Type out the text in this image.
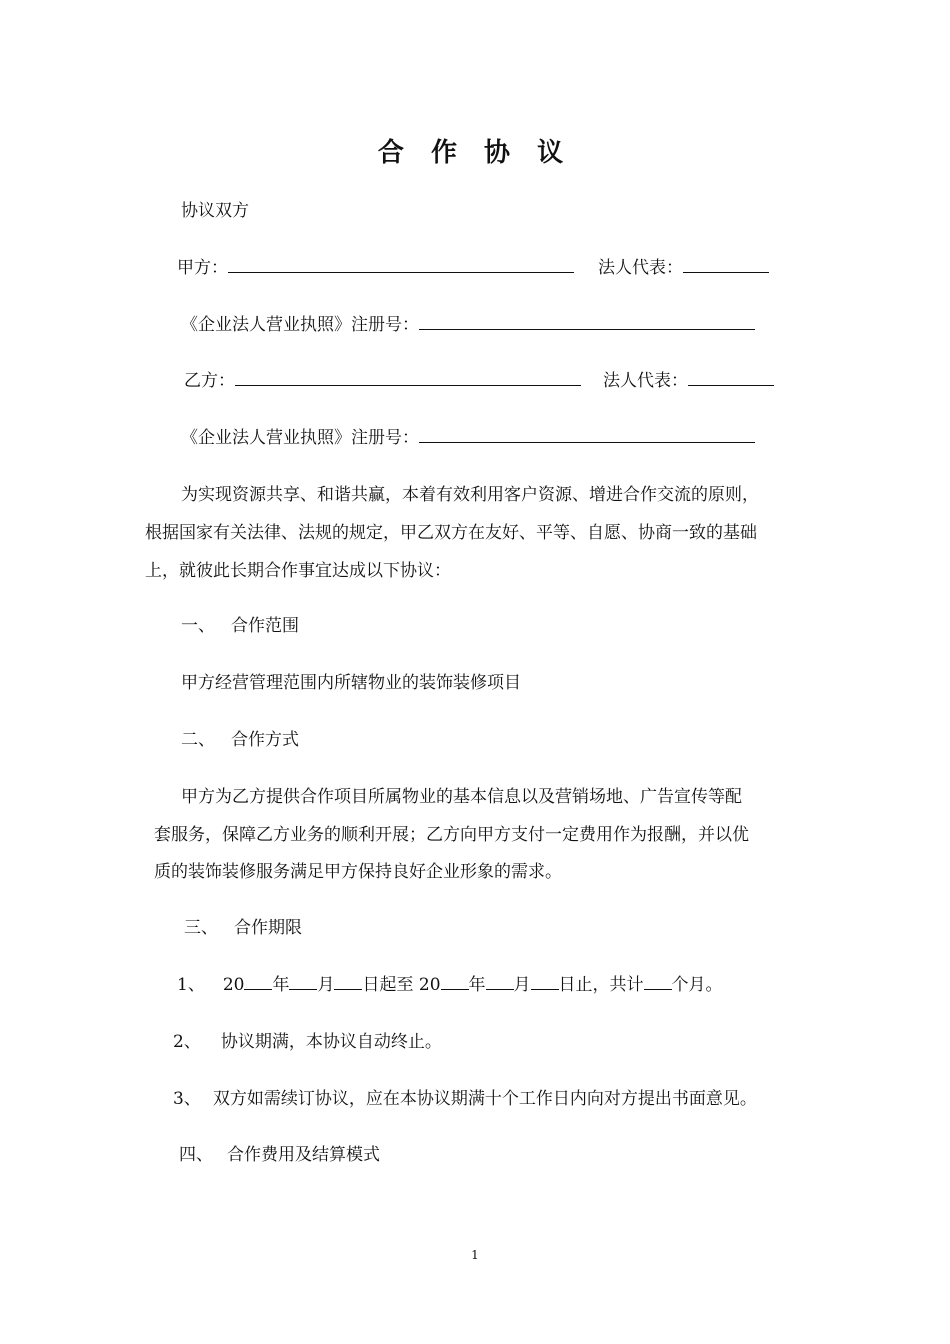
合 作 协 议
协议双方
甲方：	法人代表：
《企业法人营业执照》注册号：
乙方：	法人代表：
《企业法人营业执照》注册号：
为实现资源共享、和谐共赢，本着有效利用客户资源、增进合作交流的原则，
根据国家有关法律、法规的规定，甲乙双方在友好、平等、自愿、协商一致的基础
上，就彼此长期合作事宜达成以下协议：
一、 合作范围
甲方经营管理范围内所辖物业的装饰装修项目
二、 合作方式
甲方为乙方提供合作项目所属物业的基本信息以及营销场地、广告宣传等配
套服务，保障乙方业务的顺利开展；乙方向甲方支付一定费用作为报酬，并以优
质的装饰装修服务满足甲方保持良好企业形象的需求。
三、 合作期限
1、 20 年 月 日起至 20 年 月 日止，共计 个月。
2、 协议期满，本协议自动终止。
3、 双方如需续订协议，应在本协议期满十个工作日内向对方提出书面意见。
四、 合作费用及结算模式
1
